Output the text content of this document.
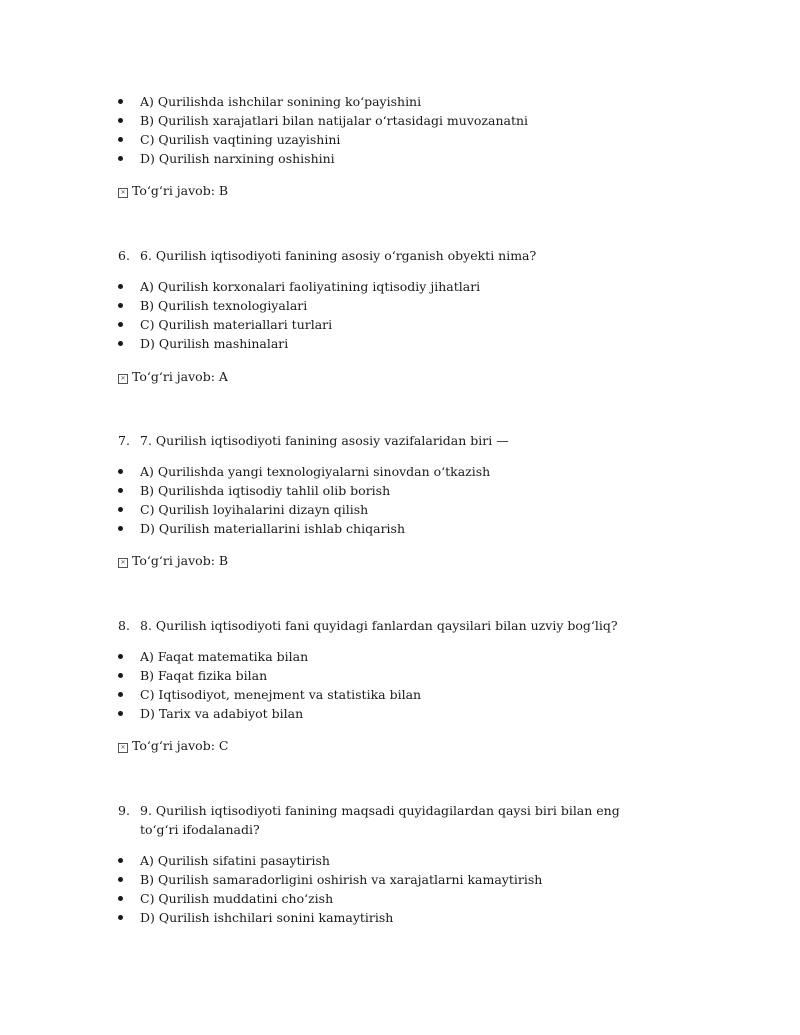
A) Qurilishda ishchilar sonining ko‘payishini
B) Qurilish xarajatlari bilan natijalar o‘rtasidagi muvozanatni
C) Qurilish vaqtining uzayishini
D) Qurilish narxining oshishini
✕ To‘g‘ri javob: B
6. 6. Qurilish iqtisodiyoti fanining asosiy o‘rganish obyekti nima?
A) Qurilish korxonalari faoliyatining iqtisodiy jihatlari
B) Qurilish texnologiyalari
C) Qurilish materiallari turlari
D) Qurilish mashinalari
✕ To‘g‘ri javob: A
7. 7. Qurilish iqtisodiyoti fanining asosiy vazifalaridan biri —
A) Qurilishda yangi texnologiyalarni sinovdan o‘tkazish
B) Qurilishda iqtisodiy tahlil olib borish
C) Qurilish loyihalarini dizayn qilish
D) Qurilish materiallarini ishlab chiqarish
✕ To‘g‘ri javob: B
8. 8. Qurilish iqtisodiyoti fani quyidagi fanlardan qaysilari bilan uzviy bog‘liq?
A) Faqat matematika bilan
B) Faqat fizika bilan
C) Iqtisodiyot, menejment va statistika bilan
D) Tarix va adabiyot bilan
✕ To‘g‘ri javob: C
9. 9. Qurilish iqtisodiyoti fanining maqsadi quyidagilardan qaysi biri bilan eng to‘g‘ri ifodalanadi?
A) Qurilish sifatini pasaytirish
B) Qurilish samaradorligini oshirish va xarajatlarni kamaytirish
C) Qurilish muddatini cho‘zish
D) Qurilish ishchilari sonini kamaytirish
